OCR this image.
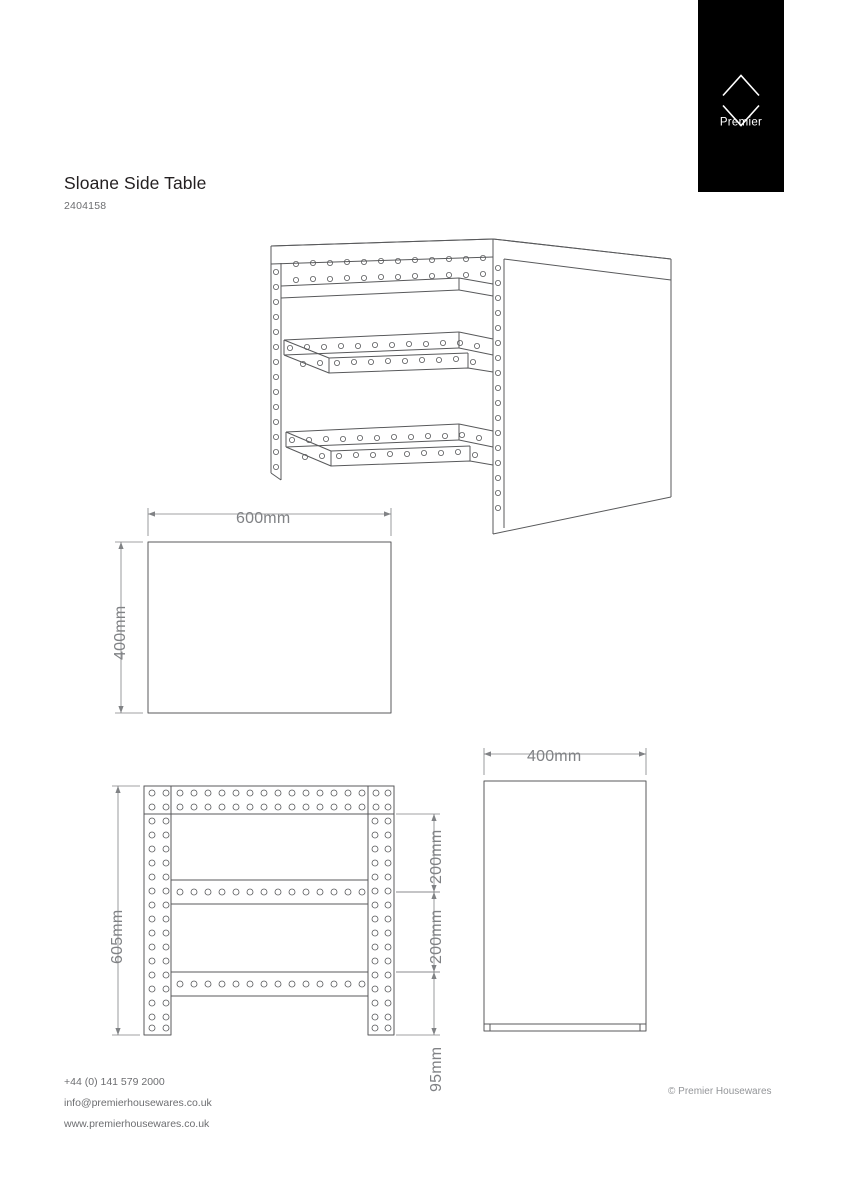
Premier
Sloane Side Table
2404158
600mm
400mm
605mm
200mm
200mm
95mm
400mm
+44 (0) 141 579 2000
info@premierhousewares.co.uk
www.premierhousewares.co.uk
© Premier Housewares
